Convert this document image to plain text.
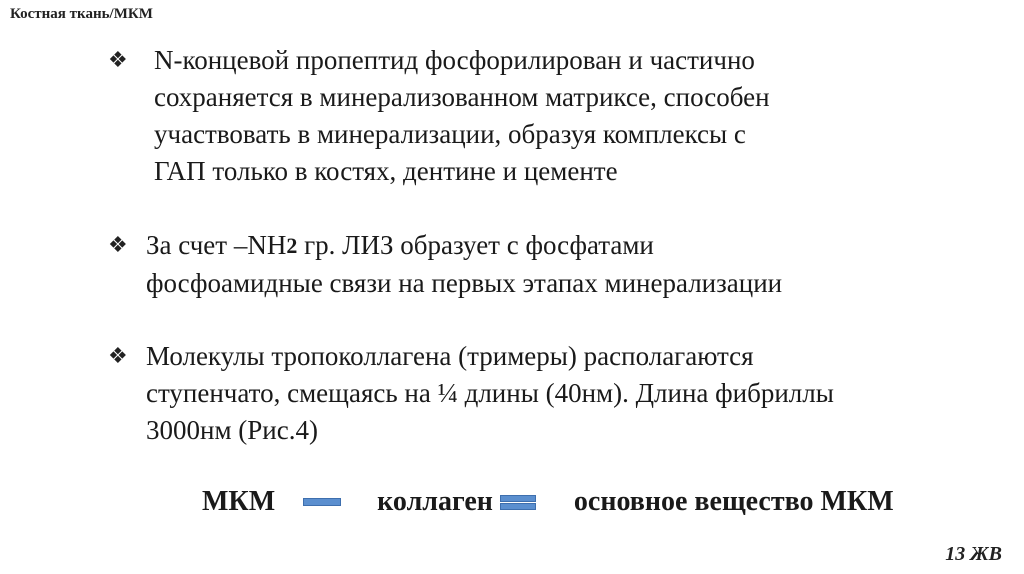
Костная ткань/МКМ
❖ N-концевой пропептид фосфорилирован и частично
сохраняется в минерализованном матриксе, способен
участвовать в минерализации, образуя комплексы с
ГАП только в костях, дентине и цементе
❖ За счет –NH2 гр. ЛИЗ образует с фосфатами
фосфоамидные связи на первых этапах минерализации
❖ Молекулы тропоколлагена (тримеры) располагаются
ступенчато, смещаясь на ¼ длины (40нм). Длина фибриллы
3000нм (Рис.4)
МКМ	коллаген	основное вещество МКМ
13 ЖВ
